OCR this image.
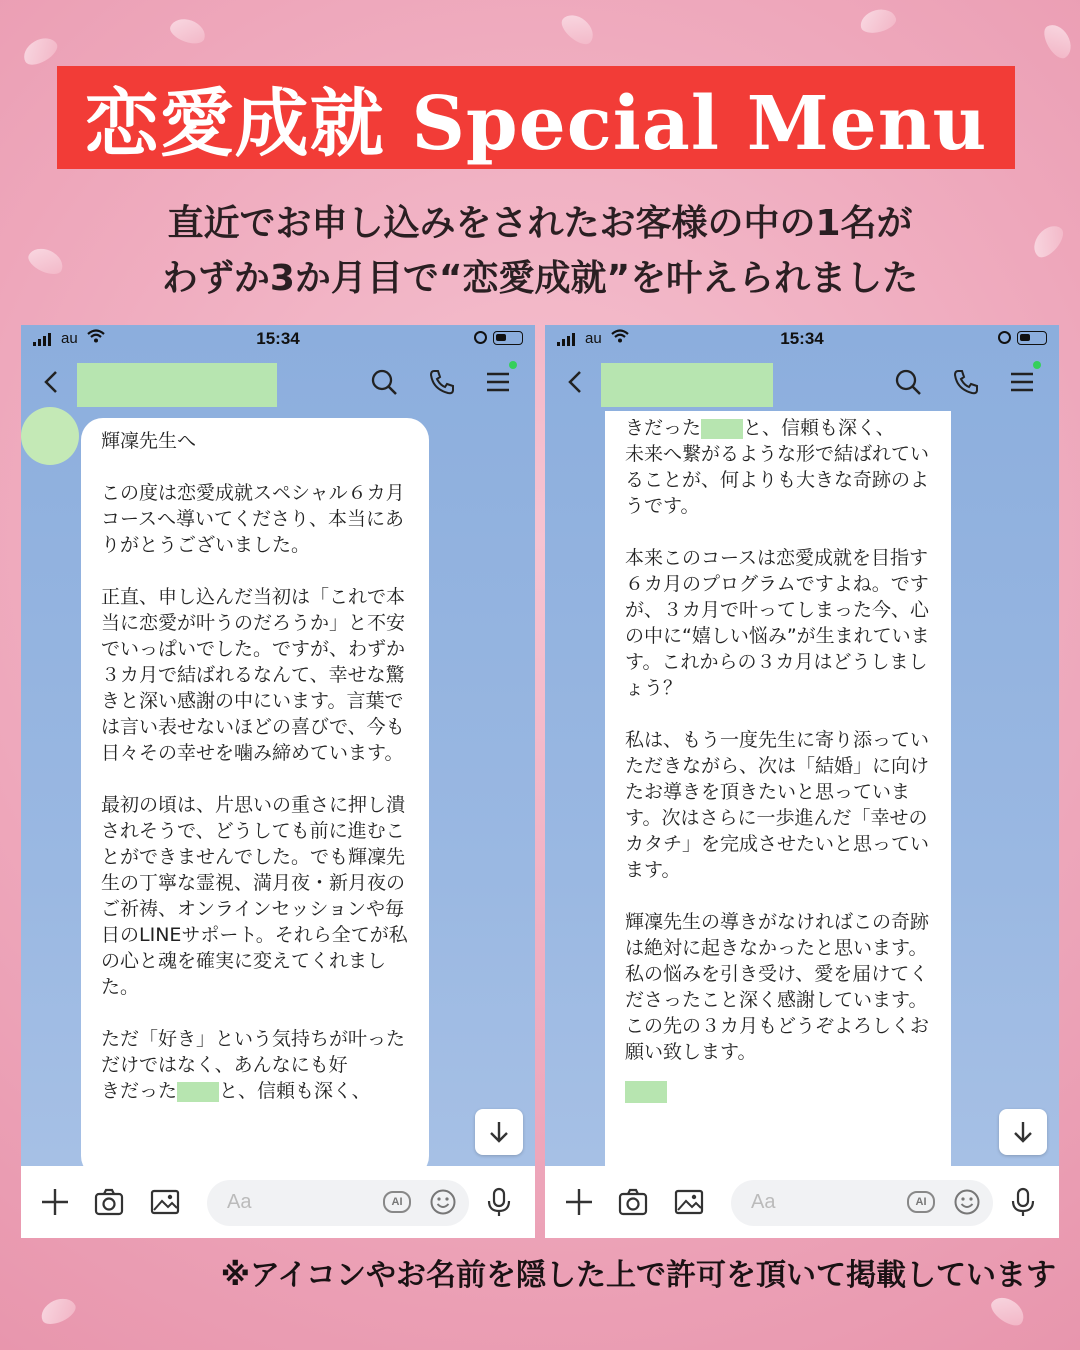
恋愛成就 Special Menu
直近でお申し込みをされたお客様の中の1名が
わずか3か月目で“恋愛成就”を叶えられました
au	15:34
輝凜先生へ

この度は恋愛成就スペシャル６カ月コースへ導いてくださり、本当にありがとうございました。

正直、申し込んだ当初は「これで本当に恋愛が叶うのだろうか」と不安でいっぱいでした。ですが、わずか３カ月で結ばれるなんて、幸せな驚きと深い感謝の中にいます。言葉では言い表せないほどの喜びで、今も日々その幸せを噛み締めています。

最初の頃は、片思いの重さに押し潰されそうで、どうしても前に進むことができませんでした。でも輝凜先生の丁寧な霊視、満月夜・新月夜のご祈祷、オンラインセッションや毎日のLINEサポート。それら全てが私の心と魂を確実に変えてくれました。

ただ「好き」という気持ちが叶っただけではなく、あんなにも好
きだった と、信頼も深く、
Aa	AI
au	15:34
きだった と、信頼も深く、
未来へ繋がるような形で結ばれていることが、何よりも大きな奇跡のようです。

本来このコースは恋愛成就を目指す６カ月のプログラムですよね。ですが、３カ月で叶ってしまった今、心の中に“嬉しい悩み”が生まれています。これからの３カ月はどうしましょう？

私は、もう一度先生に寄り添っていただきながら、次は「結婚」に向けたお導きを頂きたいと思っています。次はさらに一歩進んだ「幸せのカタチ」を完成させたいと思っています。

輝凜先生の導きがなければこの奇跡は絶対に起きなかったと思います。
私の悩みを引き受け、愛を届けてくださったこと深く感謝しています。
この先の３カ月もどうぞよろしくお願い致します。
Aa	AI
※アイコンやお名前を隠した上で許可を頂いて掲載しています
